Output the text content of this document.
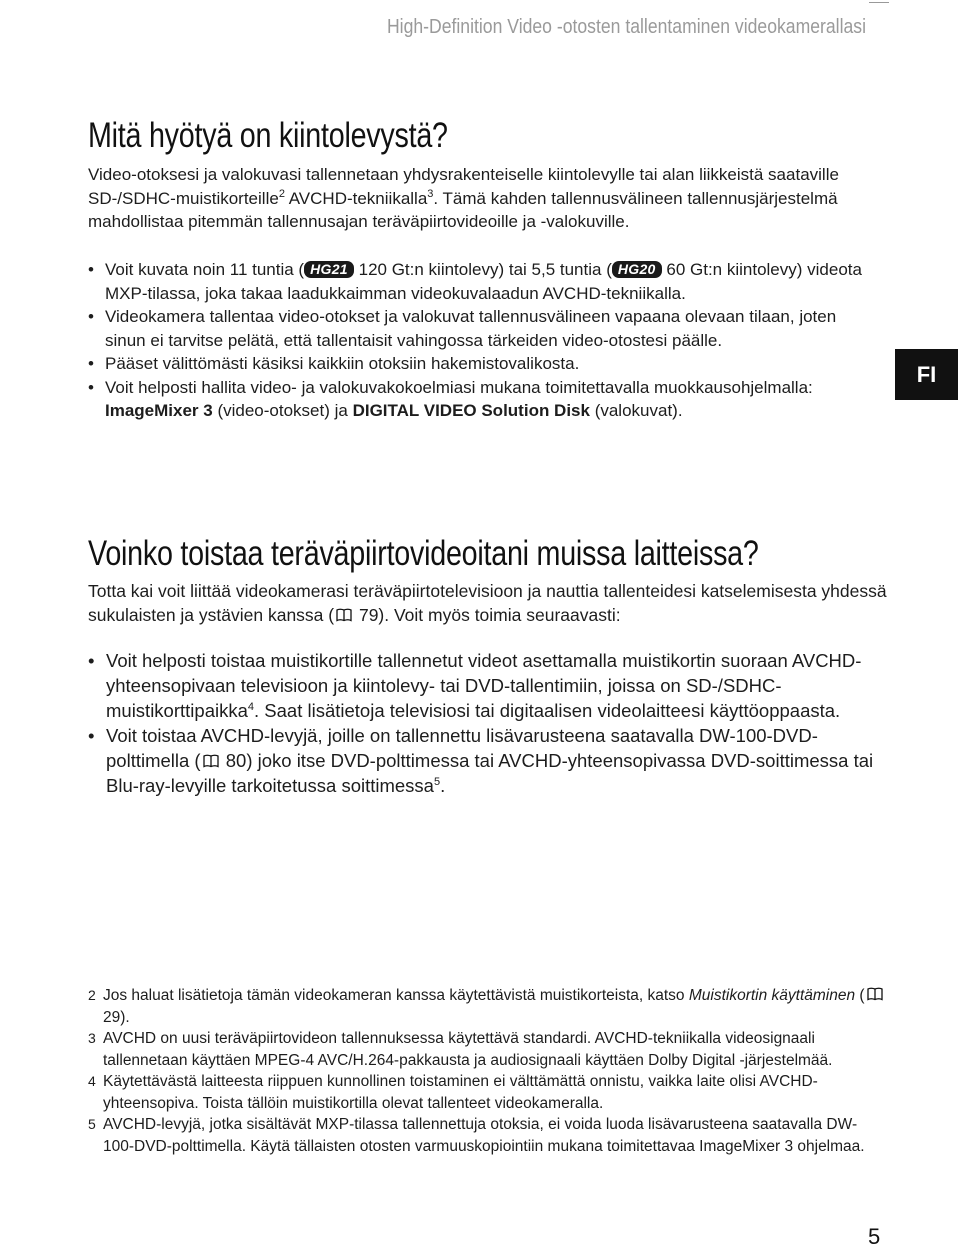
High-Definition Video -otosten tallentaminen videokamerallasi
Mitä hyötyä on kiintolevystä?

Video-otoksesi ja valokuvasi tallennetaan yhdysrakenteiselle kiintolevylle tai alan liikkeistä saataville SD-/SDHC-muistikorteille$^2$ AVCHD-tekniikalla$^3$. Tämä kahden tallennusvälineen tallennusjärjestelmä mahdollistaa pitemmän tallennusajan teräväpiirtovideoille ja -valokuville.

• Voit kuvata noin 11 tuntia ( HG21 120 Gt:n kiintolevy) tai 5,5 tuntia ( HG20 60 Gt:n kiintolevy) videota MXP-tilassa, joka takaa laadukkaimman videokuvalaadun AVCHD-tekniikalla.
• Videokamera tallentaa video-otokset ja valokuvat tallennusvälineen vapaana olevaan tilaan, joten sinun ei tarvitse pelätä, että tallentaisit vahingossa tärkeiden video-otostesi päälle.
• Pääset välittömästi käsiksi kaikkiin otoksiin hakemistovalikosta.
• Voit helposti hallita video- ja valokuvakokoelmiasi mukana toimitettavalla muokkausohjelmalla: ImageMixer 3 (video-otokset) ja DIGITAL VIDEO Solution Disk (valokuvat).
FI
Voinko toistaa teräväpiirtovideoitani muissa laitteissa?

Totta kai voit liittää videokamerasi teräväpiirtotelevisioon ja nauttia tallenteidesi katselemisesta yhdessä sukulaisten ja ystävien kanssa ( 79). Voit myös toimia seuraavasti:

• Voit helposti toistaa muistikortille tallennetut videot asettamalla muistikortin suoraan AVCHD-yhteensopivaan televisioon ja kiintolevy- tai DVD-tallentimiin, joissa on SD-/SDHC-muistikorttipaikka$^4$. Saat lisätietoja televisiosi tai digitaalisen videolaitteesi käyttöoppaasta.
• Voit toistaa AVCHD-levyjä, joille on tallennettu lisävarusteena saatavalla DW-100-DVD-polttimella ( 80) joko itse DVD-polttimessa tai AVCHD-yhteensopivassa DVD-soittimessa tai Blu-ray-levyille tarkoitetussa soittimessa$^5$.
2 Jos haluat lisätietoja tämän videokameran kanssa käytettävistä muistikorteista, katso Muistikortin käyttäminen ( 29).
3 AVCHD on uusi teräväpiirtovideon tallennuksessa käytettävä standardi. AVCHD-tekniikalla videosignaali tallennetaan käyttäen MPEG-4 AVC/H.264-pakkausta ja audiosignaali käyttäen Dolby Digital -järjestelmää.
4 Käytettävästä laitteesta riippuen kunnollinen toistaminen ei välttämättä onnistu, vaikka laite olisi AVCHD-yhteensopiva. Toista tällöin muistikortilla olevat tallenteet videokameralla.
5 AVCHD-levyjä, jotka sisältävät MXP-tilassa tallennettuja otoksia, ei voida luoda lisävarusteena saatavalla DW-100-DVD-polttimella. Käytä tällaisten otosten varmuuskopiointiin mukana toimitettavaa ImageMixer 3 ohjelmaa.
5
